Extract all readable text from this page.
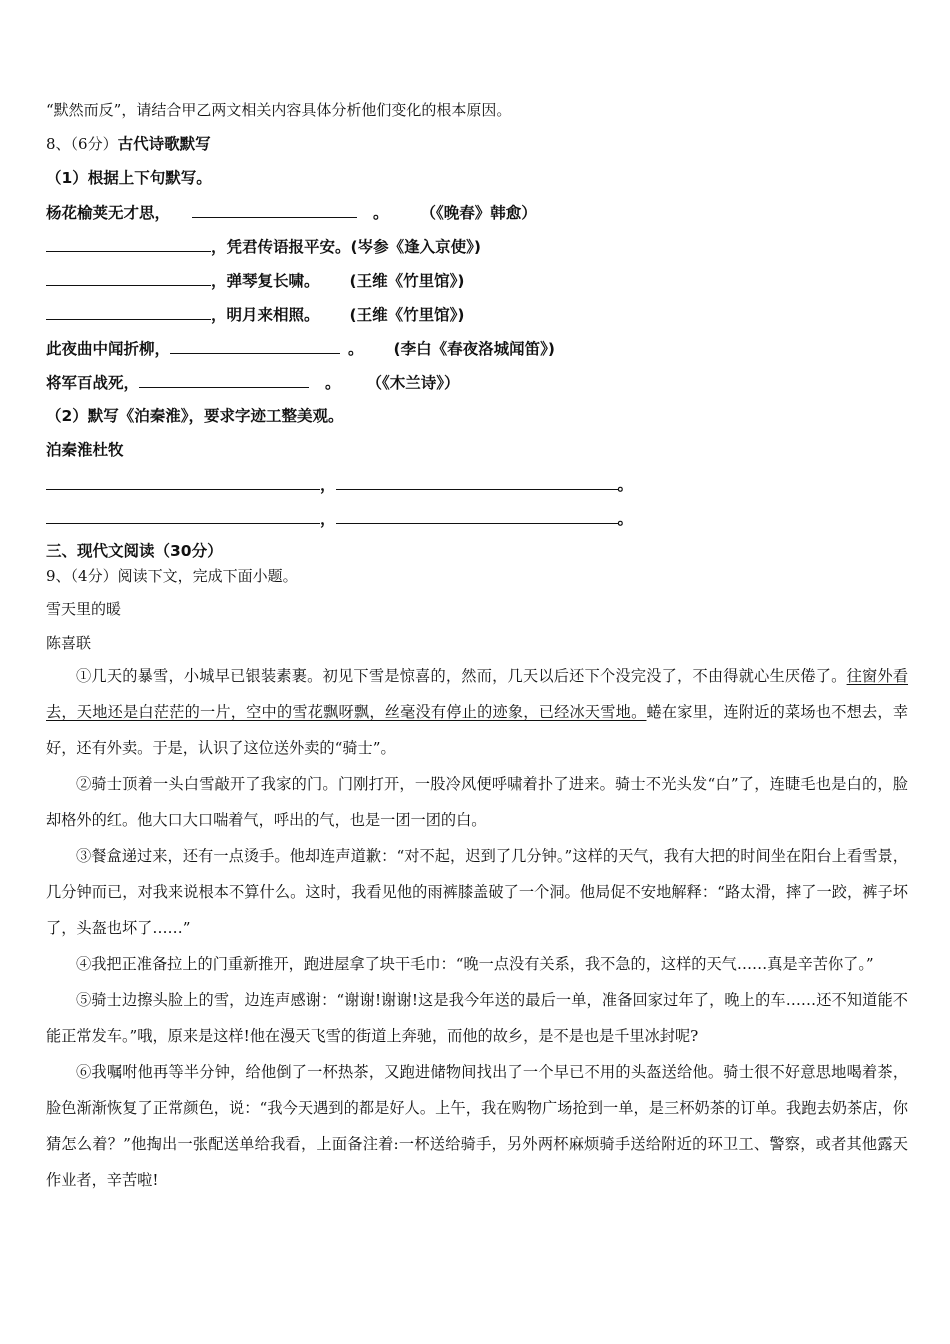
“默然而反”，请结合甲乙两文相关内容具体分析他们变化的根本原因。
8、（6分）古代诗歌默写
（1）根据上下句默写。
杨花榆荚无才思，	。 （《晚春》韩愈）
，凭君传语报平安。(岑参《逢入京使》)
，弹琴复长啸。 (王维《竹里馆》)
，明月来相照。 (王维《竹里馆》)
此夜曲中闻折柳，	。 (李白《春夜洛城闻笛》)
将军百战死，	。 （《木兰诗》）
（2）默写《泊秦淮》，要求字迹工整美观。
泊秦淮杜牧
，	。
，	。
三、现代文阅读（30分）
9、（4分）阅读下文，完成下面小题。
雪天里的暖
陈喜联

①几天的暴雪，小城早已银装素裹。初见下雪是惊喜的，然而，几天以后还下个没完没了，不由得就心生厌倦了。往窗外看去，天地还是白茫茫的一片，空中的雪花飘呀飘，丝毫没有停止的迹象，已经冰天雪地。蜷在家里，连附近的菜场也不想去，幸好，还有外卖。于是，认识了这位送外卖的“骑士”。

②骑士顶着一头白雪敲开了我家的门。门刚打开，一股冷风便呼啸着扑了进来。骑士不光头发“白”了，连睫毛也是白的，脸却格外的红。他大口大口喘着气，呼出的气，也是一团一团的白。

③餐盒递过来，还有一点烫手。他却连声道歉：“对不起，迟到了几分钟。”这样的天气，我有大把的时间坐在阳台上看雪景，几分钟而已，对我来说根本不算什么。这时，我看见他的雨裤膝盖破了一个洞。他局促不安地解释：“路太滑，摔了一跤，裤子坏了，头盔也坏了……”

④我把正准备拉上的门重新推开，跑进屋拿了块干毛巾：“晚一点没有关系，我不急的，这样的天气……真是辛苦你了。”

⑤骑士边擦头脸上的雪，边连声感谢：“谢谢!谢谢!这是我今年送的最后一单，准备回家过年了，晚上的车……还不知道能不能正常发车。”哦，原来是这样!他在漫天飞雪的街道上奔驰，而他的故乡，是不是也是千里冰封呢?

⑥我嘱咐他再等半分钟，给他倒了一杯热茶，又跑进储物间找出了一个早已不用的头盔送给他。骑士很不好意思地喝着茶，脸色渐渐恢复了正常颜色，说：“我今天遇到的都是好人。上午，我在购物广场抢到一单，是三杯奶茶的订单。我跑去奶茶店，你猜怎么着？”他掏出一张配送单给我看，上面备注着:一杯送给骑手，另外两杯麻烦骑手送给附近的环卫工、警察，或者其他露天作业者，辛苦啦!
